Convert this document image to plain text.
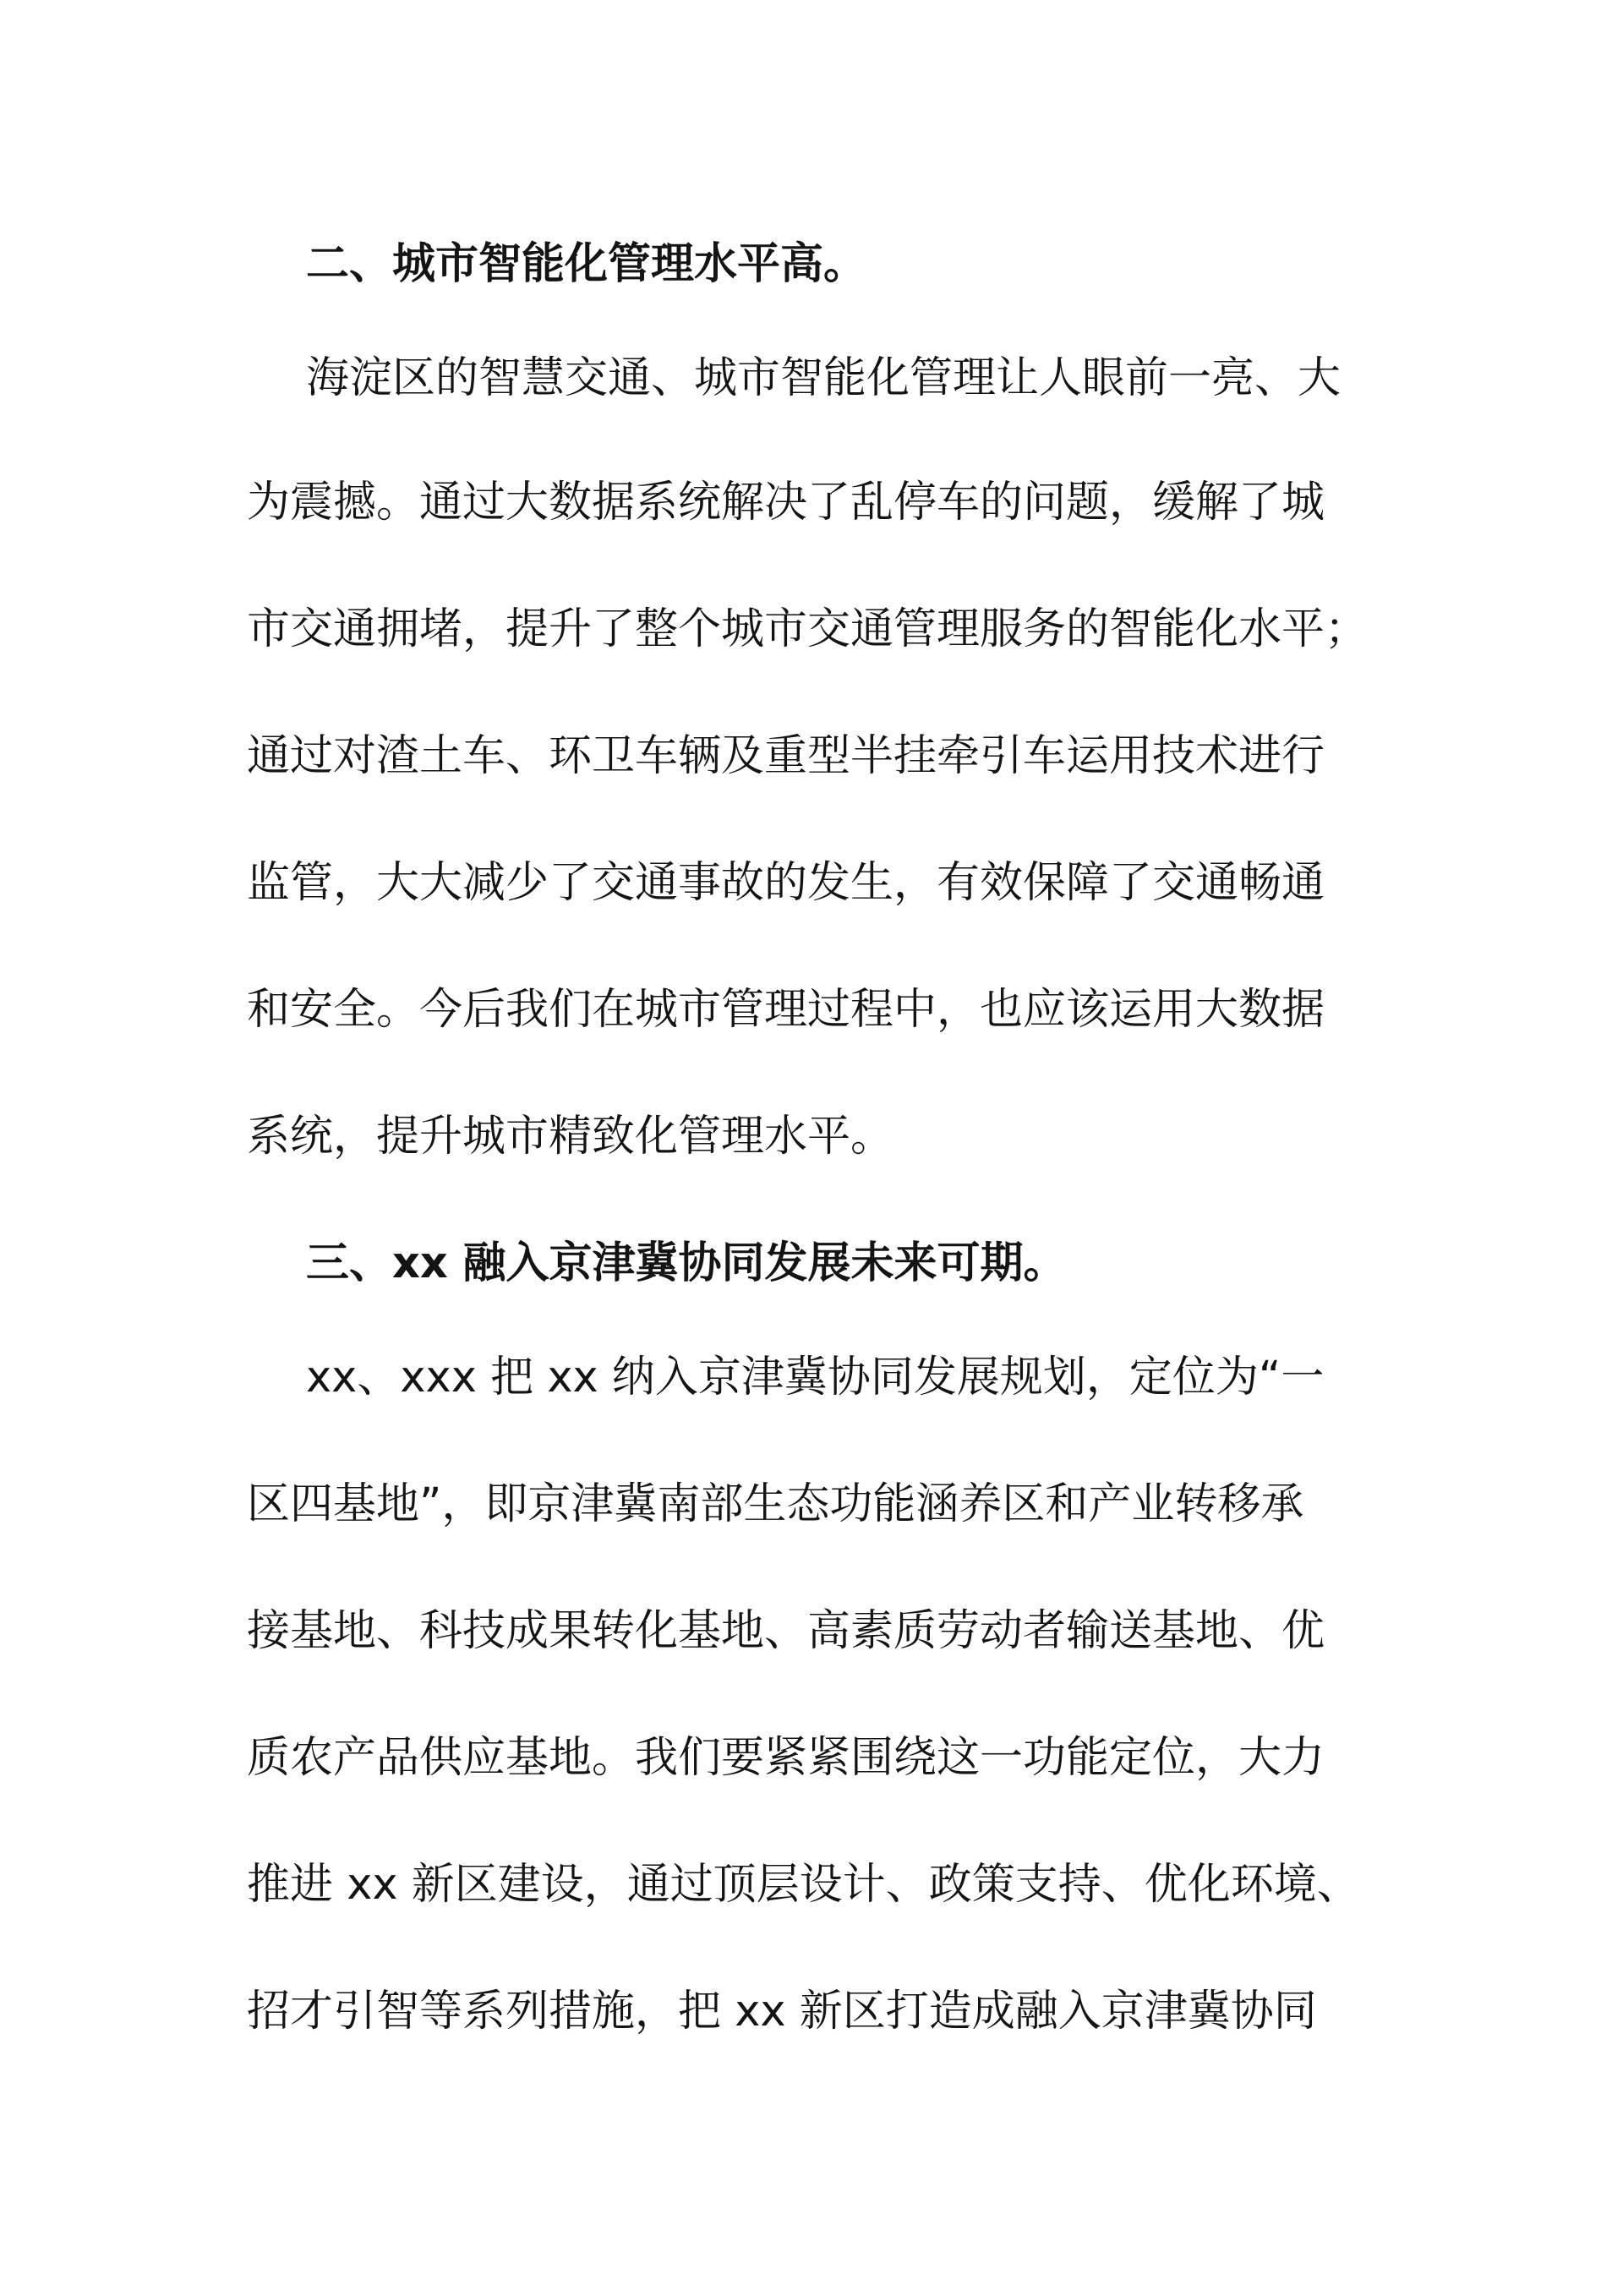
二、城市智能化管理水平高。
海淀区的智慧交通、城市智能化管理让人眼前一亮、大
为震撼。通过大数据系统解决了乱停车的问题，缓解了城
市交通拥堵，提升了整个城市交通管理服务的智能化水平；
通过对渣土车、环卫车辆及重型半挂牵引车运用技术进行
监管，大大减少了交通事故的发生，有效保障了交通畅通
和安全。今后我们在城市管理过程中，也应该运用大数据
系统，提升城市精致化管理水平。
三、xx 融入京津冀协同发展未来可期。
xx、xxx 把 xx 纳入京津冀协同发展规划，定位为“一
区四基地”，即京津冀南部生态功能涵养区和产业转移承
接基地、科技成果转化基地、高素质劳动者输送基地、优
质农产品供应基地。我们要紧紧围绕这一功能定位，大力
推进 xx 新区建设，通过顶层设计、政策支持、优化环境、
招才引智等系列措施，把 xx 新区打造成融入京津冀协同
